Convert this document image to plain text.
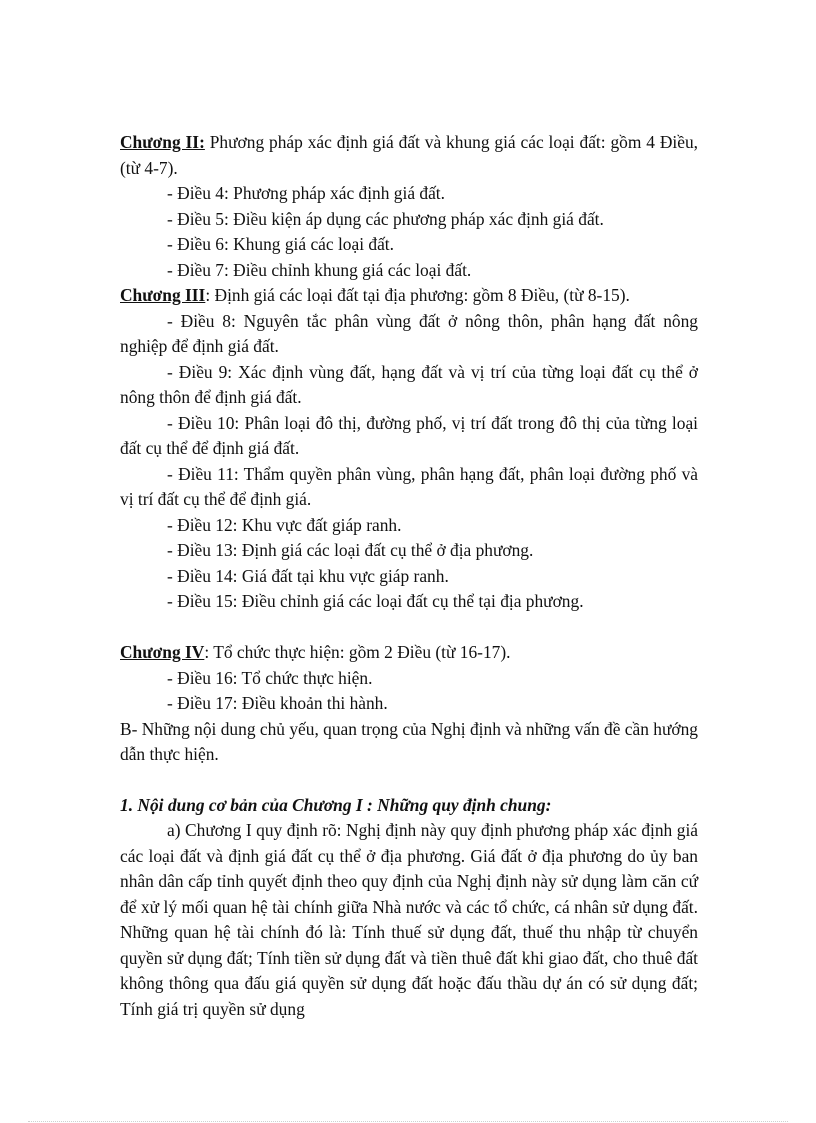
Chương II: Phương pháp xác định giá đất và khung giá các loại đất: gồm 4 Điều, (từ 4-7).

- Điều 4: Phương pháp xác định giá đất.

- Điều 5: Điều kiện áp dụng các phương pháp xác định giá đất.

- Điều 6: Khung giá các loại đất.

- Điều 7: Điều chỉnh khung giá các loại đất.

Chương III: Định giá các loại đất tại địa phương: gồm 8 Điều, (từ 8-15).

- Điều 8: Nguyên tắc phân vùng đất ở nông thôn, phân hạng đất nông nghiệp để định giá đất.

- Điều 9: Xác định vùng đất, hạng đất và vị trí của từng loại đất cụ thể ở nông thôn để định giá đất.

- Điều 10: Phân loại đô thị, đường phố, vị trí đất trong đô thị của từng loại đất cụ thể để định giá đất.

- Điều 11: Thẩm quyền phân vùng, phân hạng đất, phân loại đường phố và vị trí đất cụ thể để định giá.

- Điều 12: Khu vực đất giáp ranh.

- Điều 13: Định giá các loại đất cụ thể ở địa phương.

- Điều 14: Giá đất tại khu vực giáp ranh.

- Điều 15: Điều chỉnh giá các loại đất cụ thể tại địa phương.

Chương IV: Tổ chức thực hiện: gồm 2 Điều (từ 16-17).

- Điều 16: Tổ chức thực hiện.

- Điều 17: Điều khoản thi hành.

B- Những nội dung chủ yếu, quan trọng của Nghị định và những vấn đề cần hướng dẫn thực hiện.

1. Nội dung cơ bản của Chương I : Những quy định chung:

a) Chương I quy định rõ: Nghị định này quy định phương pháp xác định giá các loại đất và định giá đất cụ thể ở địa phương. Giá đất ở địa phương do ủy ban nhân dân cấp tỉnh quyết định theo quy định của Nghị định này sử dụng làm căn cứ để xử lý mối quan hệ tài chính giữa Nhà nước và các tổ chức, cá nhân sử dụng đất. Những quan hệ tài chính đó là: Tính thuế sử dụng đất, thuế thu nhập từ chuyển quyền sử dụng đất; Tính tiền sử dụng đất và tiền thuê đất khi giao đất, cho thuê đất không thông qua đấu giá quyền sử dụng đất hoặc đấu thầu dự án có sử dụng đất; Tính giá trị quyền sử dụng
